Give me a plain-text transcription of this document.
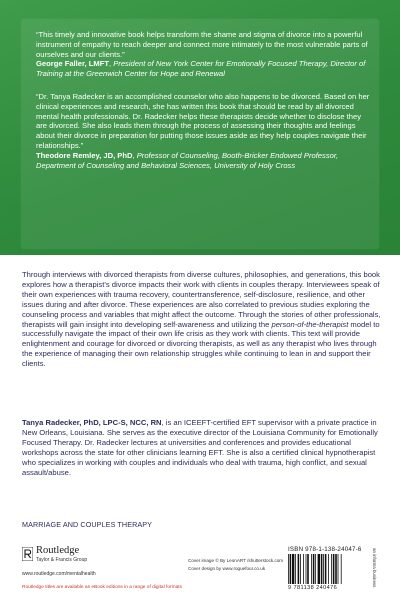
“This timely and innovative book helps transform the shame and stigma of divorce into a powerful instrument of empathy to reach deeper and connect more intimately to the most vulnerable parts of ourselves and our clients.”
George Faller, LMFT, President of New York Center for Emotionally Focused Therapy, Director of Training at the Greenwich Center for Hope and Renewal
“Dr. Tanya Radecker is an accomplished counselor who also happens to be divorced. Based on her clinical experiences and research, she has written this book that should be read by all divorced mental health professionals. Dr. Radecker helps these therapists decide whether to disclose they are divorced. She also leads them through the process of assessing their thoughts and feelings about their divorce in preparation for putting those issues aside as they help couples navigate their relationships.”
Theodore Remley, JD, PhD, Professor of Counseling, Booth-Bricker Endowed Professor, Department of Counseling and Behavioral Sciences, University of Holy Cross
Through interviews with divorced therapists from diverse cultures, philosophies, and generations, this book explores how a therapist’s divorce impacts their work with clients in couples therapy. Interviewees speak of their own experiences with trauma recovery, countertransference, self-disclosure, resilience, and other issues during and after divorce. These experiences are also correlated to previous studies exploring the counseling process and variables that might affect the outcome. Through the stories of other professionals, therapists will gain insight into developing self-awareness and utilizing the person-of-the-therapist model to successfully navigate the impact of their own life crisis as they work with clients. This text will provide enlightenment and courage for divorced or divorcing therapists, as well as any therapist who lives through the experience of managing their own relationship struggles while continuing to lean in and support their clients.
Tanya Radecker, PhD, LPC-S, NCC, RN, is an ICEEFT-certified EFT supervisor with a private practice in New Orleans, Louisiana. She serves as the executive director of the Louisiana Community for Emotionally Focused Therapy. Dr. Radecker lectures at universities and conferences and provides educational workshops across the state for other clinicians learning EFT. She is also a certified clinical hypnotherapist who specializes in working with couples and individuals who deal with trauma, high conflict, and sexual assault/abuse.
MARRIAGE AND COUPLES THERAPY
Routledge
Taylor & Francis Group
www.routledge.com/mentalhealth
Cover image © By LeonART /shutterstock.com
Cover design by www.roguefour.co.uk
Routledge titles are available as eBook editions in a range of digital formats
ISBN 978-1-138-24047-6
9 781138 240476
an informa business
